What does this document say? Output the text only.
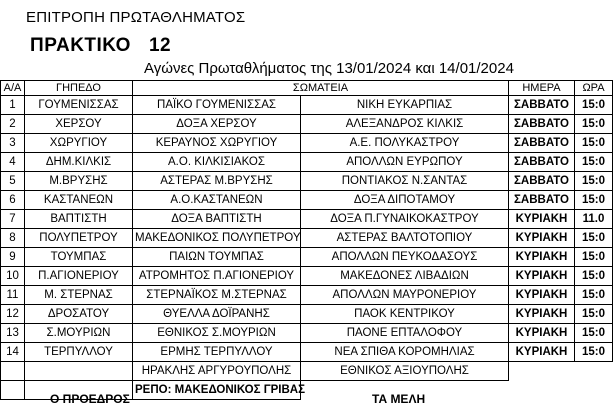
ΕΠΙΤΡΟΠΗ ΠΡΩΤΑΘΛΗΜΑΤΟΣ
ΠΡΑΚΤΙΚΟ 12
Αγώνες Πρωταθλήματος της 13/01/2024 και 14/01/2024
Α/Α	ΓΗΠΕΔΟ	ΣΩΜΑΤΕΙΑ		ΗΜΕΡΑ	ΩΡΑ
1	ΓΟΥΜΕΝΙΣΣΑΣ	ΠΑΪΚΟ ΓΟΥΜΕΝΙΣΣΑΣ	ΝΙΚΗ ΕΥΚΑΡΠΙΑΣ	ΣΑΒΒΑΤΟ	15:0
2	ΧΕΡΣΟΥ	ΔΟΞΑ ΧΕΡΣΟΥ	ΑΛΕΞΑΝΔΡΟΣ ΚΙΛΚΙΣ	ΣΑΒΒΑΤΟ	15:0
3	ΧΩΡΥΓΙΟΥ	ΚΕΡΑΥΝΟΣ ΧΩΡΥΓΙΟΥ	Α.Ε. ΠΟΛΥΚΑΣΤΡΟΥ	ΣΑΒΒΑΤΟ	15:0
4	ΔΗΜ.ΚΙΛΚΙΣ	Α.Ο. ΚΙΛΚΙΣΙΑΚΟΣ	ΑΠΟΛΛΩΝ ΕΥΡΩΠΟΥ	ΣΑΒΒΑΤΟ	15:0
5	Μ.ΒΡΥΣΗΣ	ΑΣΤΕΡΑΣ Μ.ΒΡΥΣΗΣ	ΠΟΝΤΙΑΚΟΣ Ν.ΣΑΝΤΑΣ	ΣΑΒΒΑΤΟ	15:0
6	ΚΑΣΤΑΝΕΩΝ	Α.Ο.ΚΑΣΤΑΝΕΩΝ	ΔΟΞΑ ΔΙΠΟΤΑΜΟΥ	ΣΑΒΒΑΤΟ	15:0
7	ΒΑΠΤΙΣΤΗ	ΔΟΞΑ ΒΑΠΤΙΣΤΗ	ΔΟΞΑ Π.ΓΥΝΑΙΚΟΚΑΣΤΡΟΥ	ΚΥΡΙΑΚΗ	11.0
8	ΠΟΛΥΠΕΤΡΟΥ	ΜΑΚΕΔΟΝΙΚΟΣ ΠΟΛΥΠΕΤΡΟΥ	ΑΣΤΕΡΑΣ ΒΑΛΤΟΤΟΠΙΟΥ	ΚΥΡΙΑΚΗ	15:0
9	ΤΟΥΜΠΑΣ	ΠΑΙΩΝ ΤΟΥΜΠΑΣ	ΑΠΟΛΛΩΝ ΠΕΥΚΟΔΑΣΟΥΣ	ΚΥΡΙΑΚΗ	15:0
10	Π.ΑΓΙΟΝΕΡΙΟΥ	ΑΤΡΟΜΗΤΟΣ Π.ΑΓΙΟΝΕΡΙΟΥ	ΜΑΚΕΔΟΝΕΣ ΛΙΒΑΔΙΩΝ	ΚΥΡΙΑΚΗ	15:0
11	Μ. ΣΤΕΡΝΑΣ	ΣΤΕΡΝΑΪΚΟΣ Μ.ΣΤΕΡΝΑΣ	ΑΠΟΛΛΩΝ ΜΑΥΡΟΝΕΡΙΟΥ	ΚΥΡΙΑΚΗ	15:0
12	ΔΡΟΣΑΤΟΥ	ΘΥΕΛΛΑ ΔΟΪΡΑΝΗΣ	ΠΑΟΚ ΚΕΝΤΡΙΚΟΥ	ΚΥΡΙΑΚΗ	15:0
13	Σ.ΜΟΥΡΙΩΝ	ΕΘΝΙΚΟΣ Σ.ΜΟΥΡΙΩΝ	ΠΑΟΝΕ ΕΠΤΑΛΟΦΟΥ	ΚΥΡΙΑΚΗ	15:0
14	ΤΕΡΠΥΛΛΟΥ	ΕΡΜΗΣ ΤΕΡΠΥΛΛΟΥ	ΝΕΑ ΣΠΙΘΑ ΚΟΡΟΜΗΛΙΑΣ	ΚΥΡΙΑΚΗ	15:0
		ΗΡΑΚΛΗΣ ΑΡΓΥΡΟΥΠΟΛΗΣ	ΕΘΝΙΚΟΣ ΑΞΙΟΥΠΟΛΗΣ		
		ΡΕΠΟ: ΜΑΚΕΔΟΝΙΚΟΣ ΓΡΙΒΑΣ			
Ο ΠΡΟΕΔΡΟΣ	ΤΑ ΜΕΛΗ
